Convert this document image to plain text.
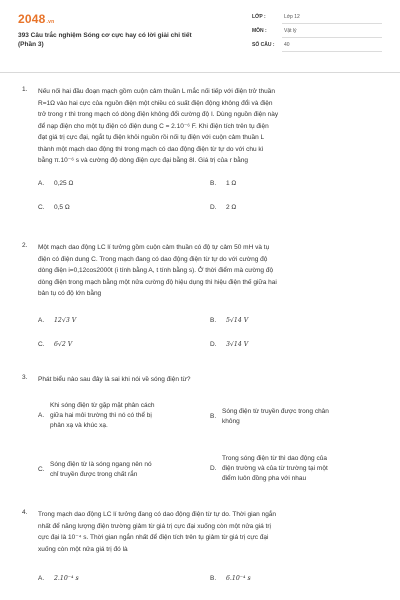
2048.vn
393 Câu trắc nghiệm Sóng cơ cực hay có lời giải chi tiết
(Phần 3)
LỚP :	Lớp 12
MÔN :	Vật lý
SỐ CÂU :	40
1. Nếu nối hai đầu đoạn mạch gồm cuộn cảm thuần L mắc nối tiếp với điện trở thuần
R=1Ω vào hai cực của nguồn điện một chiều có suất điện động không đổi và điện
trở trong r thì trong mạch có dòng điện không đổi cường độ I. Dùng nguồn điện này
để nạp điện cho một tụ điện có điện dung C = 2.10⁻⁶ F. Khi điện tích trên tụ điện
đạt giá trị cực đại, ngắt tụ điện khỏi nguồn rồi nối tụ điện với cuộn cảm thuần L
thành một mạch dao động thì trong mạch có dao động điện từ tự do với chu kì
bằng π.10⁻⁶ s và cường độ dòng điện cực đại bằng 8I. Giá trị của r bằng
A. 0,25 Ω	B. 1 Ω
C. 0,5 Ω	D. 2 Ω
2. Một mạch dao động LC lí tưởng gồm cuộn cảm thuần có độ tự cảm 50 mH và tụ
điện có điện dung C. Trong mạch đang có dao động điện từ tự do với cường độ
dòng điện i=0,12cos2000t (i tính bằng A, t tính bằng s). Ở thời điểm mà cường độ
dòng điện trong mạch bằng một nửa cường độ hiệu dụng thì hiệu điện thế giữa hai
bản tụ có độ lớn bằng
A. 12√3 V	B. 5√14 V
C. 6√2 V	D. 3√14 V
3. Phát biểu nào sau đây là sai khi nói về sóng điện từ?
A.
Khi sóng điện từ gặp mặt phân cách
giữa hai môi trường thì nó có thể bị
phản xạ và khúc xạ.
B.
Sóng điện từ truyền được trong chân
không
C.
Sóng điện từ là sóng ngang nên nó
chỉ truyền được trong chất rắn
D.
Trong sóng điện từ thì dao động của
điện trường và của từ trường tại một
điểm luôn đồng pha với nhau
4. Trong mạch dao động LC lí tưởng đang có dao động điện từ tự do. Thời gian ngắn
nhất để năng lượng điện trường giảm từ giá trị cực đại xuống còn một nửa giá trị
cực đại là 10⁻⁴ s. Thời gian ngắn nhất để điện tích trên tụ giảm từ giá trị cực đại
xuống còn một nửa giá trị đó là
A. 2.10⁻⁴ s	B. 6.10⁻⁴ s
